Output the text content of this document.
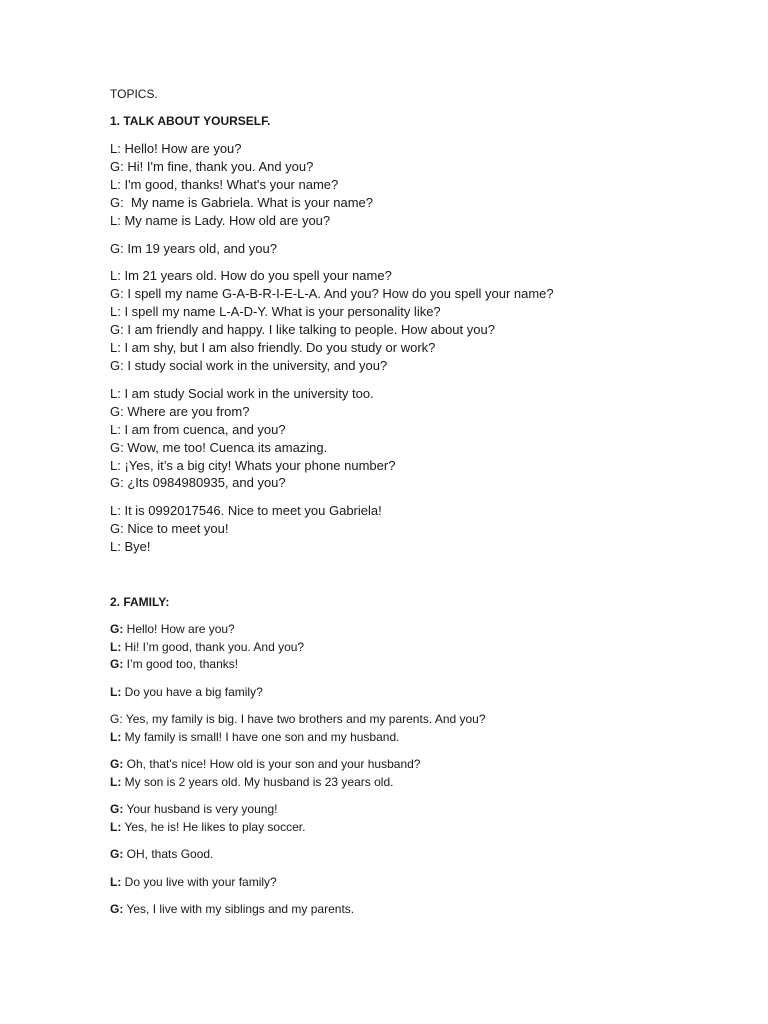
TOPICS.
1. TALK ABOUT YOURSELF.
L: Hello! How are you?
G: Hi! I'm fine, thank you. And you?
L: I'm good, thanks! What's your name?
G:  My name is Gabriela. What is your name?
L: My name is Lady. How old are you?
G: Im 19 years old, and you?
L: Im 21 years old. How do you spell your name?
G: I spell my name G-A-B-R-I-E-L-A. And you? How do you spell your name?
L: I spell my name L-A-D-Y. What is your personality like?
G: I am friendly and happy. I like talking to people. How about you?
L: I am shy, but I am also friendly. Do you study or work?
G: I study social work in the university, and you?
L: I am study Social work in the university too.
G: Where are you from?
L: I am from cuenca, and you?
G: Wow, me too! Cuenca its amazing.
L: ¡Yes, it’s a big city! Whats your phone number?
G: ¿Its 0984980935, and you?
L: It is 0992017546. Nice to meet you Gabriela!
G: Nice to meet you!
L: Bye!
2. FAMILY:
G: Hello! How are you?
L: Hi! I’m good, thank you. And you?
G: I’m good too, thanks!
L: Do you have a big family?
G: Yes, my family is big. I have two brothers and my parents. And you?
L: My family is small! I have one son and my husband.
G: Oh, that's nice! How old is your son and your husband?
L: My son is 2 years old. My husband is 23 years old.
G: Your husband is very young!
L: Yes, he is! He likes to play soccer.
G: OH, thats Good.
L: Do you live with your family?
G: Yes, I live with my siblings and my parents.
